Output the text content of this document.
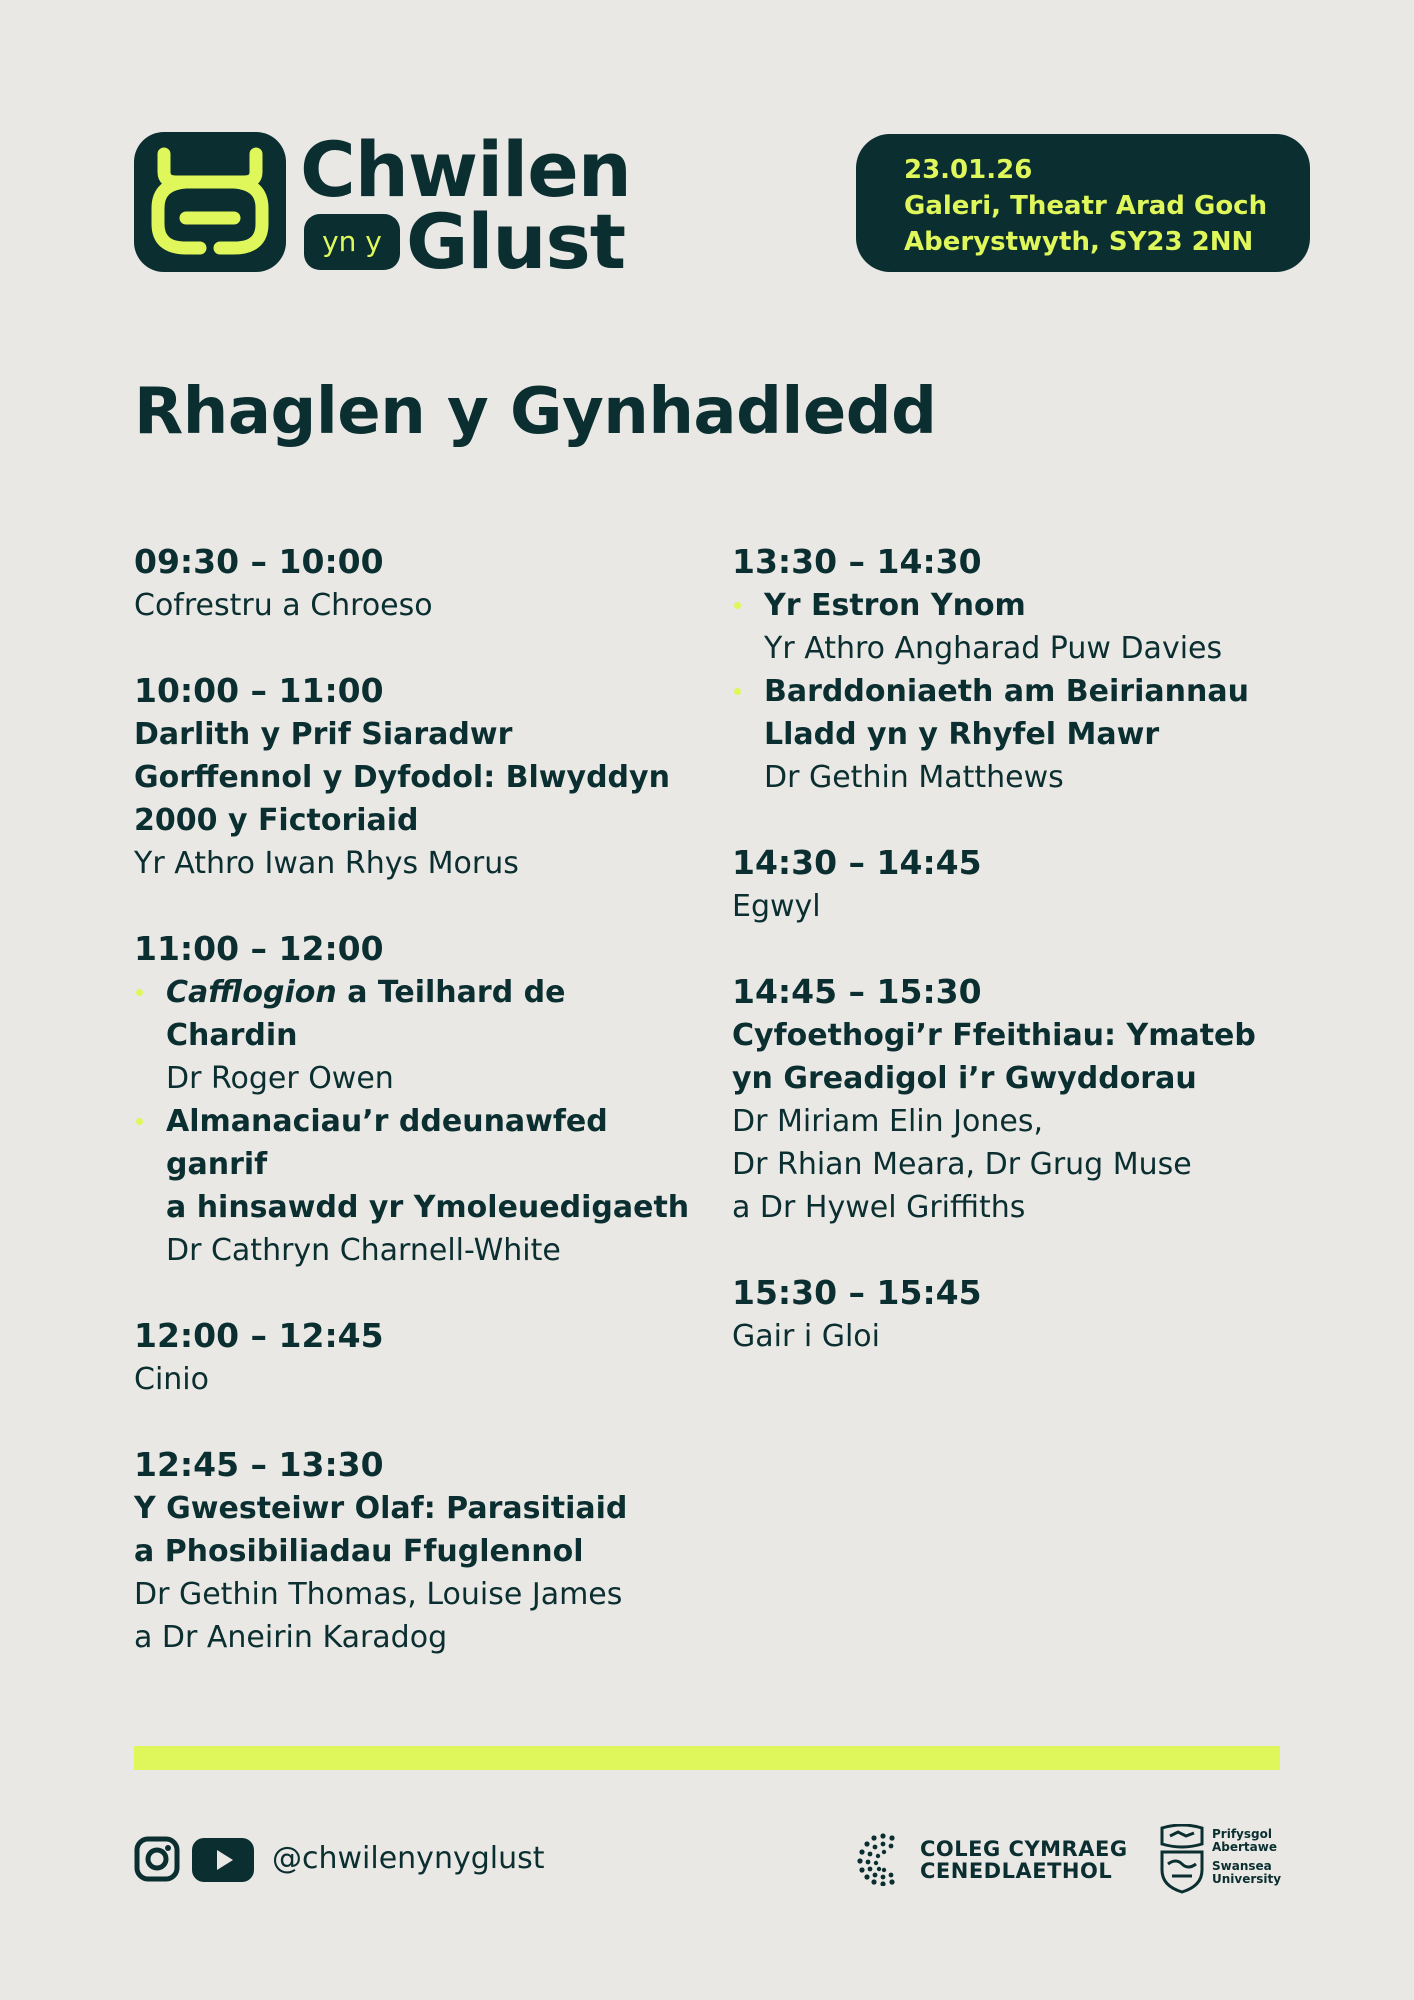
Chwilen
yn y Glust
23.01.26
Galeri, Theatr Arad Goch
Aberystwyth, SY23 2NN
Rhaglen y Gynhadledd
09:30 – 10:00
Cofrestru a Chroeso
10:00 – 11:00
Darlith y Prif Siaradwr
Gorffennol y Dyfodol: Blwyddyn
2000 y Fictoriaid
Yr Athro Iwan Rhys Morus
11:00 – 12:00
Cafflogion a Teilhard de
Chardin
Dr Roger Owen
Almanaciau’r ddeunawfed
ganrif
a hinsawdd yr Ymoleuedigaeth
Dr Cathryn Charnell-White
12:00 – 12:45
Cinio
12:45 – 13:30
Y Gwesteiwr Olaf: Parasitiaid
a Phosibiliadau Ffuglennol
Dr Gethin Thomas, Louise James
a Dr Aneirin Karadog
13:30 – 14:30
Yr Estron Ynom
Yr Athro Angharad Puw Davies
Barddoniaeth am Beiriannau
Lladd yn y Rhyfel Mawr
Dr Gethin Matthews
14:30 – 14:45
Egwyl
14:45 – 15:30
Cyfoethogi’r Ffeithiau: Ymateb
yn Greadigol i’r Gwyddorau
Dr Miriam Elin Jones,
Dr Rhian Meara, Dr Grug Muse
a Dr Hywel Griffiths
15:30 – 15:45
Gair i Gloi
@chwilenynyglust	COLEG CYMRAEG
CENEDLAETHOL
Prifysgol
Abertawe
Swansea
University
